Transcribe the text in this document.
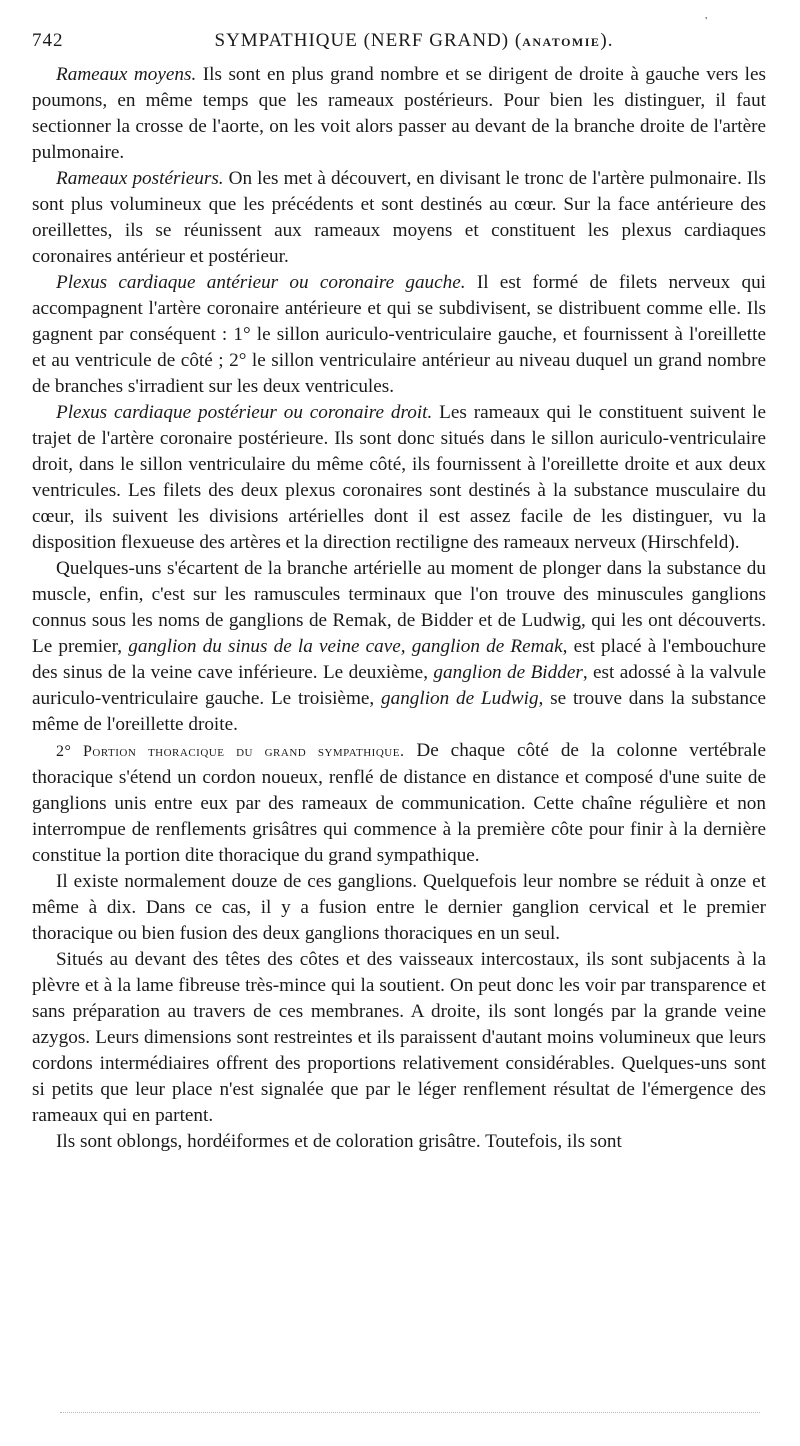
742	SYMPATHIQUE (NERF GRAND) (ANATOMIE).
'

Rameaux moyens. Ils sont en plus grand nombre et se dirigent de droite à gauche vers les poumons, en même temps que les rameaux postérieurs. Pour bien les distinguer, il faut sectionner la crosse de l'aorte, on les voit alors passer au devant de la branche droite de l'artère pulmonaire.

Rameaux postérieurs. On les met à découvert, en divisant le tronc de l'artère pulmonaire. Ils sont plus volumineux que les précédents et sont destinés au cœur. Sur la face antérieure des oreillettes, ils se réunissent aux rameaux moyens et constituent les plexus cardiaques coronaires antérieur et postérieur.

Plexus cardiaque antérieur ou coronaire gauche. Il est formé de filets nerveux qui accompagnent l'artère coronaire antérieure et qui se subdivisent, se distribuent comme elle. Ils gagnent par conséquent : 1° le sillon auriculo-ventriculaire gauche, et fournissent à l'oreillette et au ventricule de côté ; 2° le sillon ventriculaire antérieur au niveau duquel un grand nombre de branches s'irradient sur les deux ventricules.

Plexus cardiaque postérieur ou coronaire droit. Les rameaux qui le constituent suivent le trajet de l'artère coronaire postérieure. Ils sont donc situés dans le sillon auriculo-ventriculaire droit, dans le sillon ventriculaire du même côté, ils fournissent à l'oreillette droite et aux deux ventricules. Les filets des deux plexus coronaires sont destinés à la substance musculaire du cœur, ils suivent les divisions artérielles dont il est assez facile de les distinguer, vu la disposition flexueuse des artères et la direction rectiligne des rameaux nerveux (Hirschfeld).

Quelques-uns s'écartent de la branche artérielle au moment de plonger dans la substance du muscle, enfin, c'est sur les ramuscules terminaux que l'on trouve des minuscules ganglions connus sous les noms de ganglions de Remak, de Bidder et de Ludwig, qui les ont découverts. Le premier, ganglion du sinus de la veine cave, ganglion de Remak, est placé à l'embouchure des sinus de la veine cave inférieure. Le deuxième, ganglion de Bidder, est adossé à la valvule auriculo-ventriculaire gauche. Le troisième, ganglion de Ludwig, se trouve dans la substance même de l'oreillette droite.

2° Portion thoracique du grand sympathique. De chaque côté de la colonne vertébrale thoracique s'étend un cordon noueux, renflé de distance en distance et composé d'une suite de ganglions unis entre eux par des rameaux de communication. Cette chaîne régulière et non interrompue de renflements grisâtres qui commence à la première côte pour finir à la dernière constitue la portion dite thoracique du grand sympathique.

Il existe normalement douze de ces ganglions. Quelquefois leur nombre se réduit à onze et même à dix. Dans ce cas, il y a fusion entre le dernier ganglion cervical et le premier thoracique ou bien fusion des deux ganglions thoraciques en un seul.

Situés au devant des têtes des côtes et des vaisseaux intercostaux, ils sont subjacents à la plèvre et à la lame fibreuse très-mince qui la soutient. On peut donc les voir par transparence et sans préparation au travers de ces membranes. A droite, ils sont longés par la grande veine azygos. Leurs dimensions sont restreintes et ils paraissent d'autant moins volumineux que leurs cordons intermédiaires offrent des proportions relativement considérables. Quelques-uns sont si petits que leur place n'est signalée que par le léger renflement résultat de l'émergence des rameaux qui en partent.

Ils sont oblongs, hordéiformes et de coloration grisâtre. Toutefois, ils sont
